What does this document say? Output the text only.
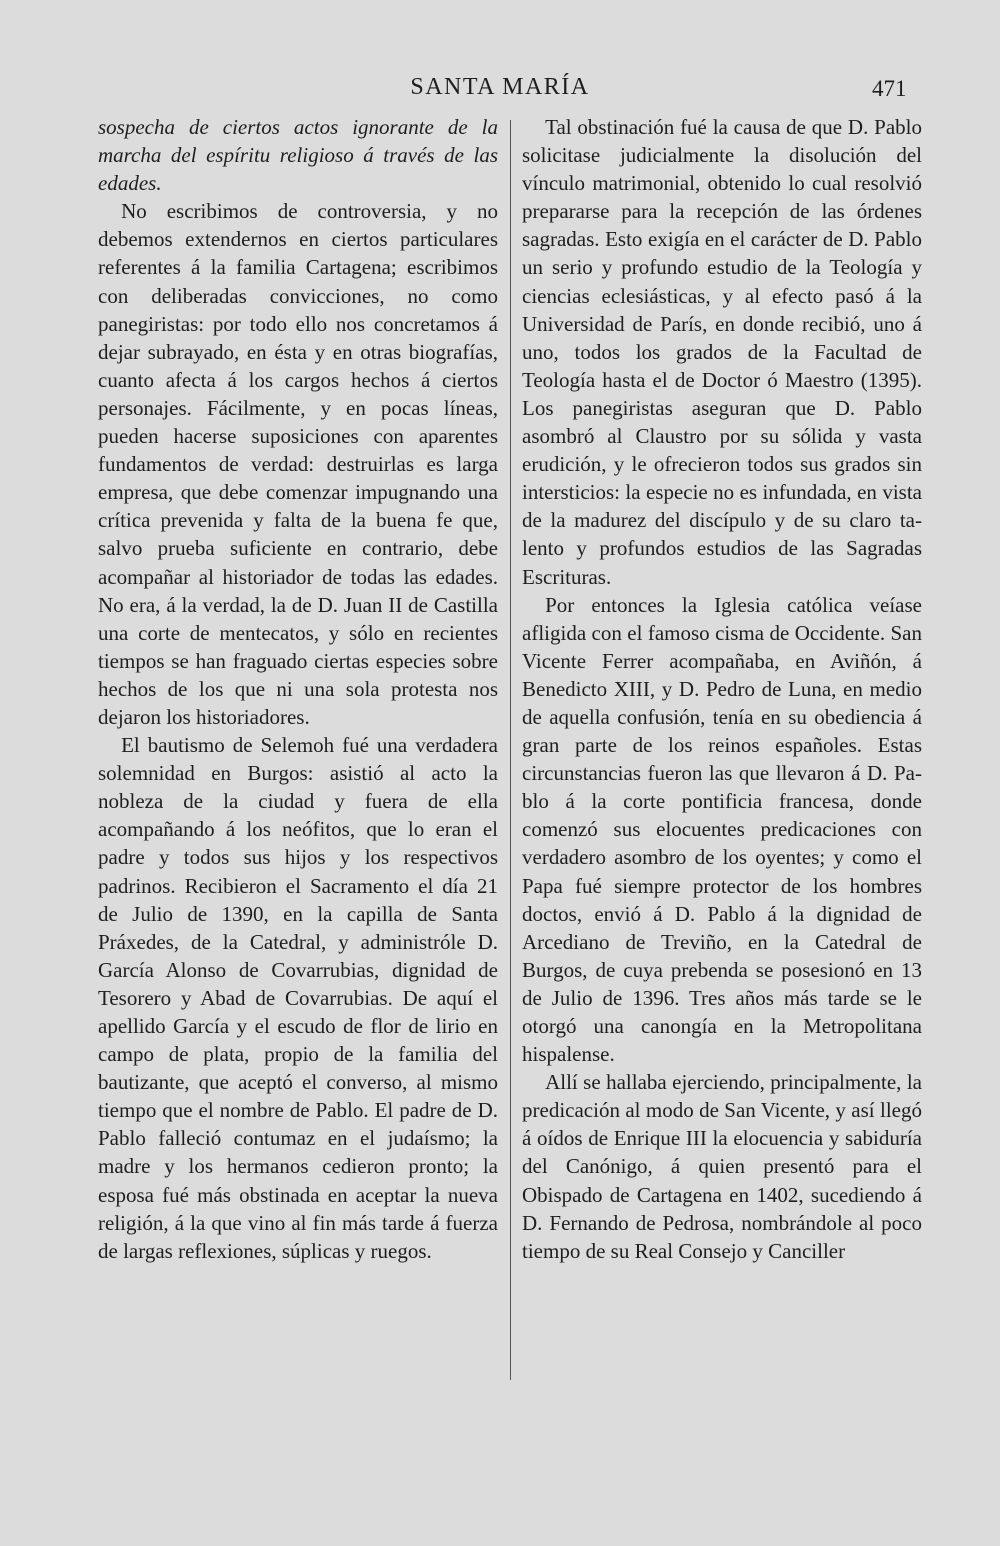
SANTA MARÍA	471

sospecha de ciertos actos ignorante de la marcha del espíritu religioso á través de las edades.

No escribimos de controversia, y no debemos extendernos en ciertos particulares referentes á la familia Cartagena; escribimos con deliberadas convicciones, no como panegiristas: por todo ello nos concretamos á dejar subrayado, en ésta y en otras biografías, cuanto afecta á los cargos hechos á ciertos personajes. Fácilmente, y en pocas líneas, pueden hacerse suposiciones con aparentes fundamentos de verdad: destruirlas es larga empresa, que debe comenzar impugnando una crítica prevenida y falta de la buena fe que, salvo prueba suficiente en contrario, debe acompañar al historiador de todas las edades. No era, á la verdad, la de D. Juan II de Castilla una corte de mentecatos, y sólo en recientes tiempos se han fraguado ciertas especies sobre hechos de los que ni una sola protesta nos dejaron los historiadores.

El bautismo de Selemoh fué una verdadera solemnidad en Burgos: asistió al acto la nobleza de la ciudad y fuera de ella acompañando á los neófitos, que lo eran el padre y todos sus hijos y los respectivos padrinos. Recibieron el Sacramento el día 21 de Julio de 1390, en la capilla de Santa Práxedes, de la Catedral, y administróle D. García Alonso de Covarrubias, dignidad de Tesorero y Abad de Covarrubias. De aquí el apellido García y el escudo de flor de lirio en campo de plata, propio de la familia del bautizante, que aceptó el converso, al mismo tiempo que el nombre de Pablo. El padre de D. Pablo falleció contumaz en el judaísmo; la madre y los hermanos cedieron pronto; la esposa fué más obstinada en aceptar la nueva religión, á la que vino al fin más tarde á fuerza de largas reflexiones, súplicas y ruegos.

Tal obstinación fué la causa de que D. Pablo solicitase judicialmente la disolución del vínculo matrimonial, obtenido lo cual resolvió prepararse para la recepción de las órdenes sagradas. Esto exigía en el carácter de D. Pablo un serio y profundo estudio de la Teología y ciencias eclesiásticas, y al efecto pasó á la Universidad de París, en donde recibió, uno á uno, todos los grados de la Facultad de Teología hasta el de Doctor ó Maestro (1395). Los panegiristas aseguran que D. Pablo asombró al Claustro por su sólida y vasta erudición, y le ofrecieron todos sus grados sin intersticios: la especie no es infundada, en vista de la madurez del discípulo y de su claro talento y profundos estudios de las Sagradas Escrituras.

Por entonces la Iglesia católica veíase afligida con el famoso cisma de Occidente. San Vicente Ferrer acompañaba, en Aviñón, á Benedicto XIII, y D. Pedro de Luna, en medio de aquella confusión, tenía en su obediencia á gran parte de los reinos españoles. Estas circunstancias fueron las que llevaron á D. Pablo á la corte pontificia francesa, donde comenzó sus elocuentes predicaciones con verdadero asombro de los oyentes; y como el Papa fué siempre protector de los hombres doctos, envió á D. Pablo á la dignidad de Arcediano de Treviño, en la Catedral de Burgos, de cuya prebenda se posesionó en 13 de Julio de 1396. Tres años más tarde se le otorgó una canongía en la Metropolitana hispalense.

Allí se hallaba ejerciendo, principalmente, la predicación al modo de San Vicente, y así llegó á oídos de Enrique III la elocuencia y sabiduría del Canónigo, á quien presentó para el Obispado de Cartagena en 1402, sucediendo á D. Fernando de Pedrosa, nombrándole al poco tiempo de su Real Consejo y Canciller
